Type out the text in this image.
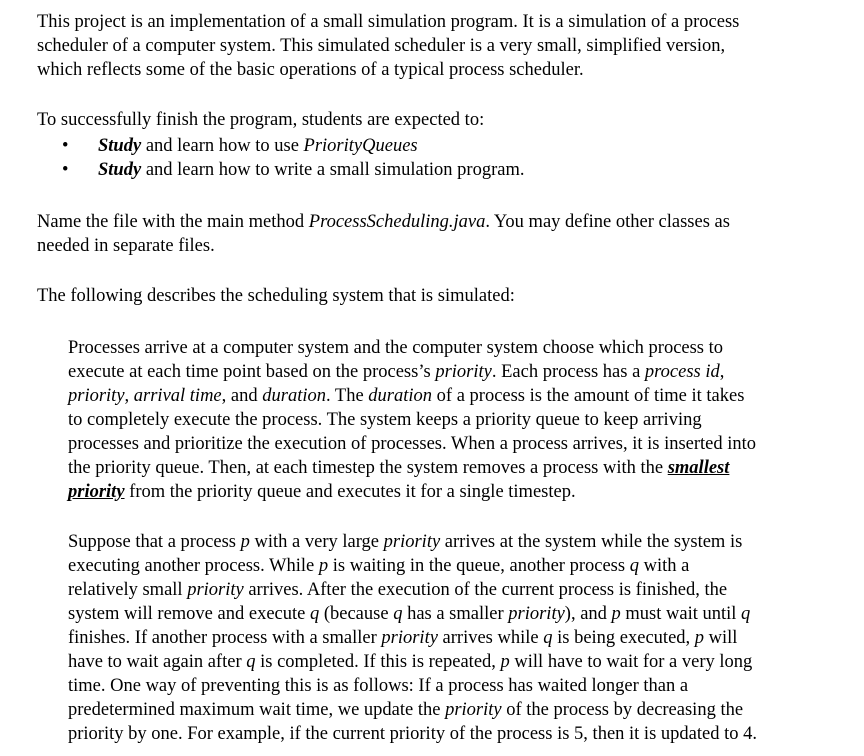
This project is an implementation of a small simulation program. It is a simulation of a process
scheduler of a computer system. This simulated scheduler is a very small, simplified version,
which reflects some of the basic operations of a typical process scheduler.

To successfully finish the program, students are expected to:

• Study and learn how to use PriorityQueues
• Study and learn how to write a small simulation program.

Name the file with the main method ProcessScheduling.java. You may define other classes as
needed in separate files.

The following describes the scheduling system that is simulated:

Processes arrive at a computer system and the computer system choose which process to
execute at each time point based on the process’s priority. Each process has a process id,
priority, arrival time, and duration. The duration of a process is the amount of time it takes
to completely execute the process. The system keeps a priority queue to keep arriving
processes and prioritize the execution of processes. When a process arrives, it is inserted into
the priority queue. Then, at each timestep the system removes a process with the smallest
priority from the priority queue and executes it for a single timestep.

Suppose that a process p with a very large priority arrives at the system while the system is
executing another process. While p is waiting in the queue, another process q with a
relatively small priority arrives. After the execution of the current process is finished, the
system will remove and execute q (because q has a smaller priority), and p must wait until q
finishes. If another process with a smaller priority arrives while q is being executed, p will
have to wait again after q is completed. If this is repeated, p will have to wait for a very long
time. One way of preventing this is as follows: If a process has waited longer than a
predetermined maximum wait time, we update the priority of the process by decreasing the
priority by one. For example, if the current priority of the process is 5, then it is updated to 4.
